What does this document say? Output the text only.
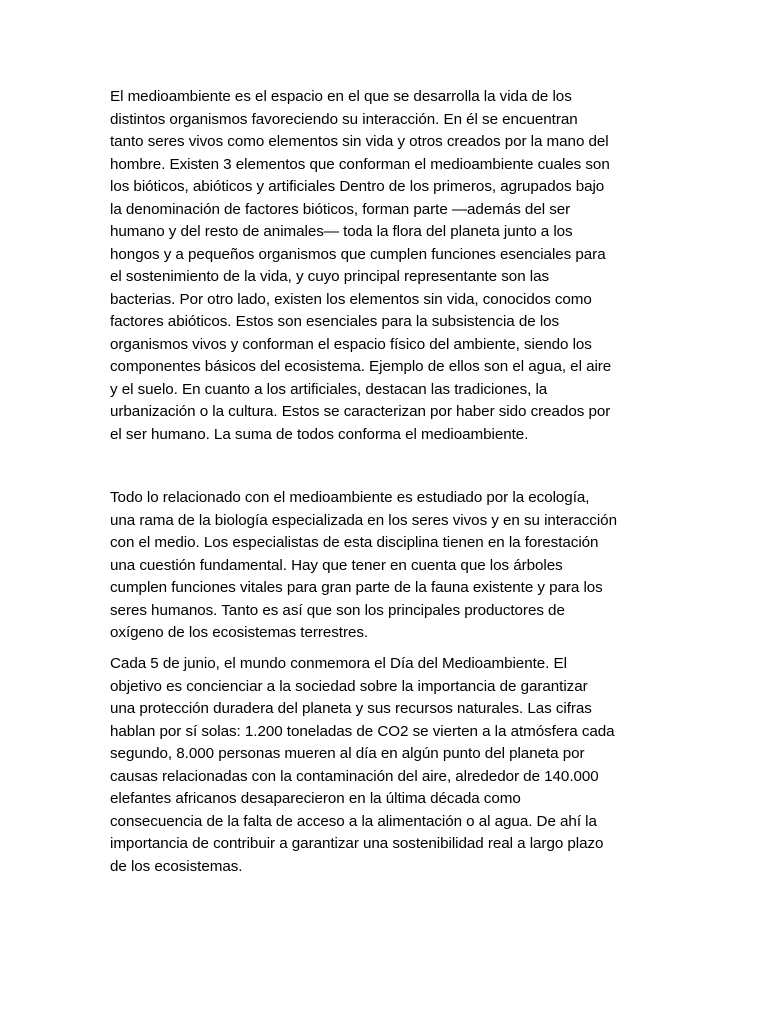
El medioambiente es el espacio en el que se desarrolla la vida de los
distintos organismos favoreciendo su interacción. En él se encuentran
tanto seres vivos como elementos sin vida y otros creados por la mano del
hombre. Existen 3 elementos que conforman el medioambiente cuales son
los bióticos, abióticos y artificiales Dentro de los primeros, agrupados bajo
la denominación de factores bióticos, forman parte —además del ser
humano y del resto de animales— toda la flora del planeta junto a los
hongos y a pequeños organismos que cumplen funciones esenciales para
el sostenimiento de la vida, y cuyo principal representante son las
bacterias. Por otro lado, existen los elementos sin vida, conocidos como
factores abióticos. Estos son esenciales para la subsistencia de los
organismos vivos y conforman el espacio físico del ambiente, siendo los
componentes básicos del ecosistema. Ejemplo de ellos son el agua, el aire
y el suelo. En cuanto a los artificiales, destacan las tradiciones, la
urbanización o la cultura. Estos se caracterizan por haber sido creados por
el ser humano. La suma de todos conforma el medioambiente.

Todo lo relacionado con el medioambiente es estudiado por la ecología,
una rama de la biología especializada en los seres vivos y en su interacción
con el medio. Los especialistas de esta disciplina tienen en la forestación
una cuestión fundamental. Hay que tener en cuenta que los árboles
cumplen funciones vitales para gran parte de la fauna existente y para los
seres humanos. Tanto es así que son los principales productores de
oxígeno de los ecosistemas terrestres.

Cada 5 de junio, el mundo conmemora el Día del Medioambiente. El
objetivo es concienciar a la sociedad sobre la importancia de garantizar
una protección duradera del planeta y sus recursos naturales. Las cifras
hablan por sí solas: 1.200 toneladas de CO2 se vierten a la atmósfera cada
segundo, 8.000 personas mueren al día en algún punto del planeta por
causas relacionadas con la contaminación del aire, alrededor de 140.000
elefantes africanos desaparecieron en la última década como
consecuencia de la falta de acceso a la alimentación o al agua. De ahí la
importancia de contribuir a garantizar una sostenibilidad real a largo plazo
de los ecosistemas.
